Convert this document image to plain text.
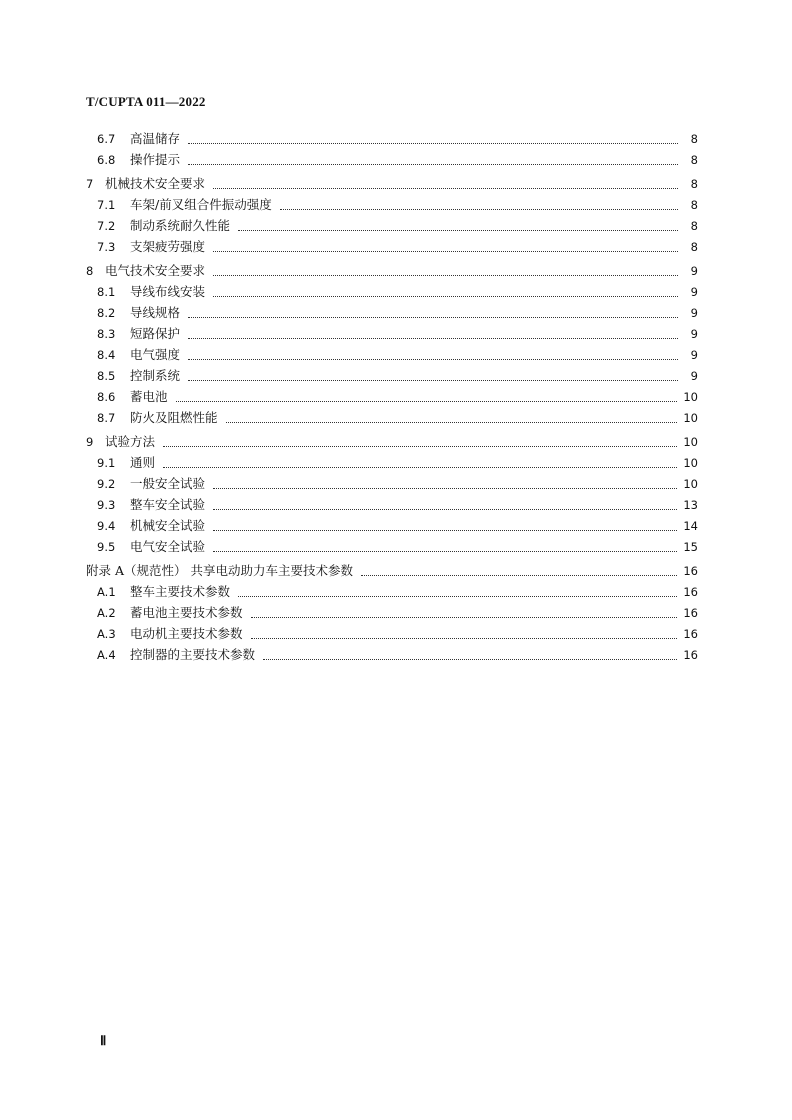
T/CUPTA 011—2022
6.7	高温储存	8
6.8	操作提示	8
7 机械技术安全要求	8
7.1	车架/前叉组合件振动强度	8
7.2	制动系统耐久性能	8
7.3	支架疲劳强度	8
8 电气技术安全要求	9
8.1	导线布线安装	9
8.2	导线规格	9
8.3	短路保护	9
8.4	电气强度	9
8.5	控制系统	9
8.6	蓄电池	10
8.7	防火及阻燃性能	10
9 试验方法	10
9.1	通则	10
9.2	一般安全试验	10
9.3	整车安全试验	13
9.4	机械安全试验	14
9.5	电气安全试验	15
附录 A（规范性） 共享电动助力车主要技术参数	16
A.1	整车主要技术参数	16
A.2	蓄电池主要技术参数	16
A.3	电动机主要技术参数	16
A.4	控制器的主要技术参数	16
Ⅱ
